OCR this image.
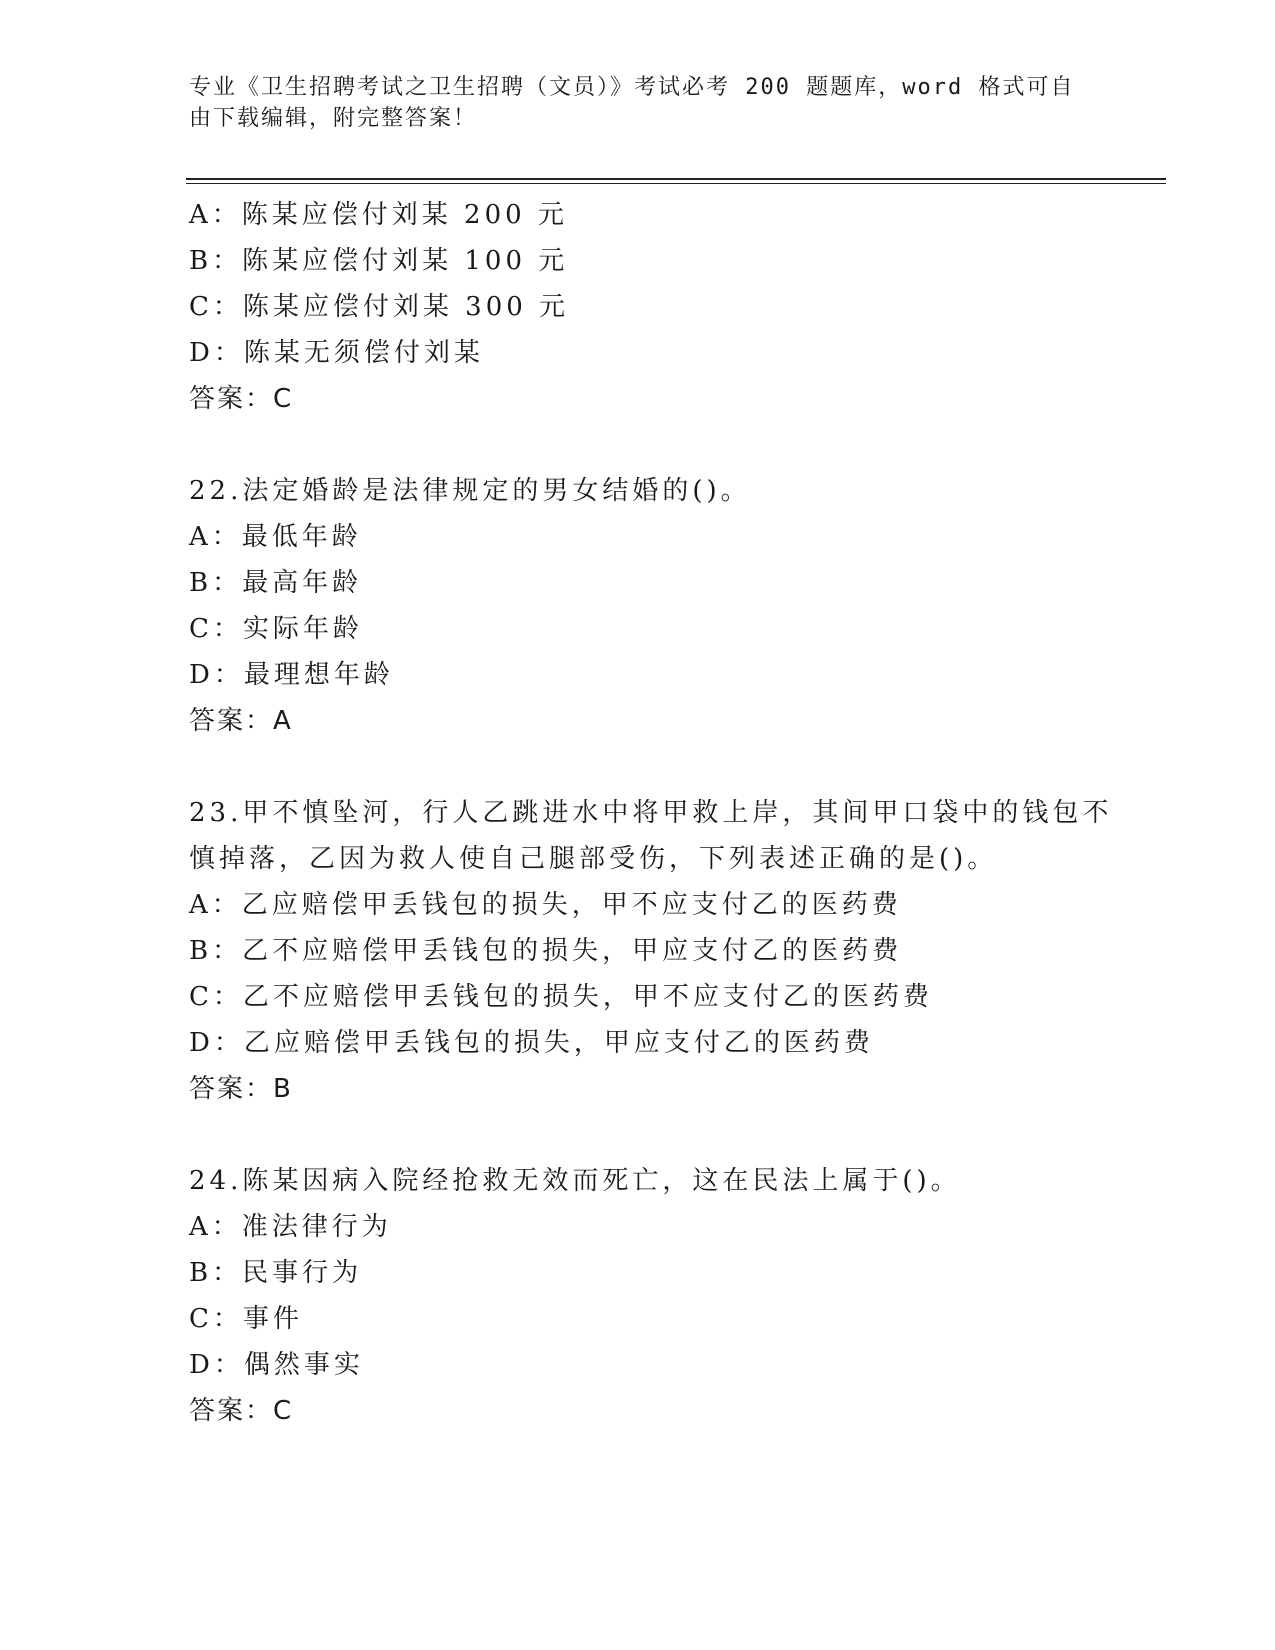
专业《卫生招聘考试之卫生招聘（文员）》考试必考 200 题题库，word 格式可自
由下载编辑，附完整答案！
A：陈某应偿付刘某 200 元
B：陈某应偿付刘某 100 元
C：陈某应偿付刘某 300 元
D：陈某无须偿付刘某
答案：C
22.法定婚龄是法律规定的男女结婚的()。
A：最低年龄
B：最高年龄
C：实际年龄
D：最理想年龄
答案：A
23.甲不慎坠河，行人乙跳进水中将甲救上岸，其间甲口袋中的钱包不
慎掉落，乙因为救人使自己腿部受伤，下列表述正确的是()。
A：乙应赔偿甲丢钱包的损失，甲不应支付乙的医药费
B：乙不应赔偿甲丢钱包的损失，甲应支付乙的医药费
C：乙不应赔偿甲丢钱包的损失，甲不应支付乙的医药费
D：乙应赔偿甲丢钱包的损失，甲应支付乙的医药费
答案：B
24.陈某因病入院经抢救无效而死亡，这在民法上属于()。
A：准法律行为
B：民事行为
C：事件
D：偶然事实
答案：C
